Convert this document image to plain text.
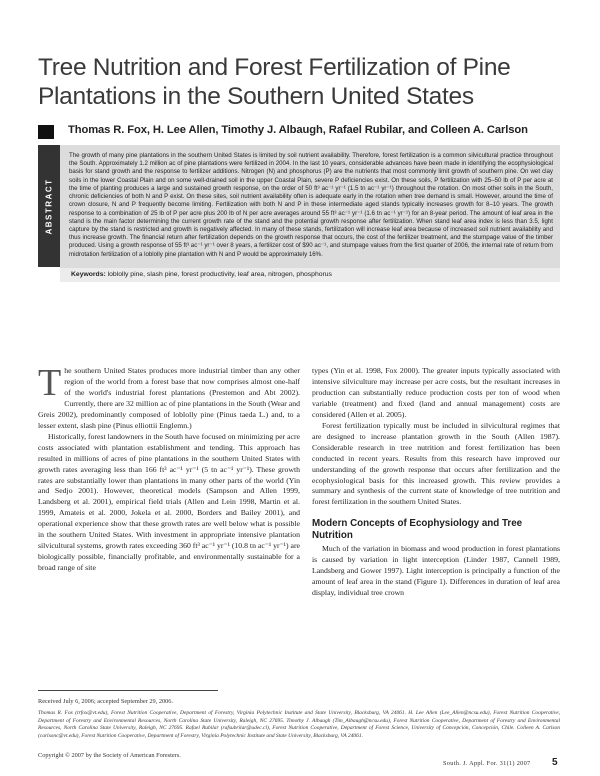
Tree Nutrition and Forest Fertilization of Pine Plantations in the Southern United States
Thomas R. Fox, H. Lee Allen, Timothy J. Albaugh, Rafael Rubilar, and Colleen A. Carlson
ABSTRACT

The growth of many pine plantations in the southern United States is limited by soil nutrient availability. Therefore, forest fertilization is a common silvicultural practice throughout the South. Approximately 1.2 million ac of pine plantations were fertilized in 2004. In the last 10 years, considerable advances have been made in identifying the ecophysiological basis for stand growth and the response to fertilizer additions. Nitrogen (N) and phosphorus (P) are the nutrients that most commonly limit growth of southern pine. On wet clay soils in the lower Coastal Plain and on some well-drained soil in the upper Coastal Plain, severe P deficiencies exist. On these soils, P fertilization with 25–50 lb of P per acre at the time of planting produces a large and sustained growth response, on the order of 50 ft³ ac⁻¹ yr⁻¹ (1.5 tn ac⁻¹ yr⁻¹) throughout the rotation. On most other soils in the South, chronic deficiencies of both N and P exist. On these sites, soil nutrient availability often is adequate early in the rotation when tree demand is small. However, around the time of crown closure, N and P frequently become limiting. Fertilization with both N and P in these intermediate aged stands typically increases growth for 8–10 years. The growth response to a combination of 25 lb of P per acre plus 200 lb of N per acre averages around 55 ft³ ac⁻¹ yr⁻¹ (1.6 tn ac⁻¹ yr⁻¹) for an 8-year period. The amount of leaf area in the stand is the main factor determining the current growth rate of the stand and the potential growth response after fertilization. When stand leaf area index is less than 3.5, light capture by the stand is restricted and growth is negatively affected. In many of these stands, fertilization will increase leaf area because of increased soil nutrient availability and thus increase growth. The financial return after fertilization depends on the growth response that occurs, the cost of the fertilizer treatment, and the stumpage value of the timber produced. Using a growth response of 55 ft³ ac⁻¹ yr⁻¹ over 8 years, a fertilizer cost of $90 ac⁻¹, and stumpage values from the first quarter of 2006, the internal rate of return from midrotation fertilization of a loblolly pine plantation with N and P would be approximately 16%.

Keywords: loblolly pine, slash pine, forest productivity, leaf area, nitrogen, phosphorus

The southern United States produces more industrial timber than any other region of the world from a forest base that now comprises almost one-half of the world's industrial forest plantations (Prestemon and Abt 2002). Currently, there are 32 million ac of pine plantations in the South (Wear and Greis 2002), predominantly composed of loblolly pine (Pinus taeda L.) and, to a lesser extent, slash pine (Pinus elliottii Englemn.)

Historically, forest landowners in the South have focused on minimizing per acre costs associated with plantation establishment and tending. This approach has resulted in millions of acres of pine plantations in the southern United States with growth rates averaging less than 166 ft³ ac⁻¹ yr⁻¹ (5 tn ac⁻¹ yr⁻¹). These growth rates are substantially lower than plantations in many other parts of the world (Yin and Sedjo 2001). However, theoretical models (Sampson and Allen 1999, Landsberg et al. 2001), empirical field trials (Allen and Lein 1998, Martin et al. 1999, Amateis et al. 2000, Jokela et al. 2000, Borders and Bailey 2001), and operational experience show that these growth rates are well below what is possible in the southern United States. With investment in appropriate intensive plantation silvicultural systems, growth rates exceeding 360 ft³ ac⁻¹ yr⁻¹ (10.8 tn ac⁻¹ yr⁻¹) are biologically possible, financially profitable, and environmentally sustainable for a broad range of site

types (Yin et al. 1998, Fox 2000). The greater inputs typically associated with intensive silviculture may increase per acre costs, but the resultant increases in production can substantially reduce production costs per ton of wood when variable (treatment) and fixed (land and annual management) costs are considered (Allen et al. 2005).

Forest fertilization typically must be included in silvicultural regimes that are designed to increase plantation growth in the South (Allen 1987). Considerable research in tree nutrition and forest fertilization has been conducted in recent years. Results from this research have improved our understanding of the growth response that occurs after fertilization and the ecophysiological basis for this increased growth. This review provides a summary and synthesis of the current state of knowledge of tree nutrition and forest fertilization in the southern United States.

Modern Concepts of Ecophysiology and Tree Nutrition

Much of the variation in biomass and wood production in forest plantations is caused by variation in light interception (Linder 1987, Cannell 1989, Landsberg and Gower 1997). Light interception is principally a function of the amount of leaf area in the stand (Figure 1). Differences in duration of leaf area display, individual tree crown

Received July 6, 2006; accepted September 29, 2006.

Thomas R. Fox (trfox@vt.edu), Forest Nutrition Cooperative, Department of Forestry, Virginia Polytechnic Institute and State University, Blacksburg, VA 24061. H. Lee Allen (Lee_Allen@ncsu.edu), Forest Nutrition Cooperative, Department of Forestry and Environmental Resources, North Carolina State University, Raleigh, NC 27695. Timothy J. Albaugh (Tim_Albaugh@ncsu.edu), Forest Nutrition Cooperative, Department of Forestry and Environmental Resources, North Carolina State University, Raleigh, NC 27695. Rafael Rubilar (rafsubrilar@udec.cl), Forest Nutrition Cooperative, Department of Forest Science, University of Concepción, Concepción, Chile. Colleen A. Carlson (carlsonc@vt.edu), Forest Nutrition Cooperative, Department of Forestry, Virginia Polytechnic Institute and State University, Blacksburg, VA 24061.

Copyright © 2007 by the Society of American Foresters.
South. J. Appl. For. 31(1) 2007 5
